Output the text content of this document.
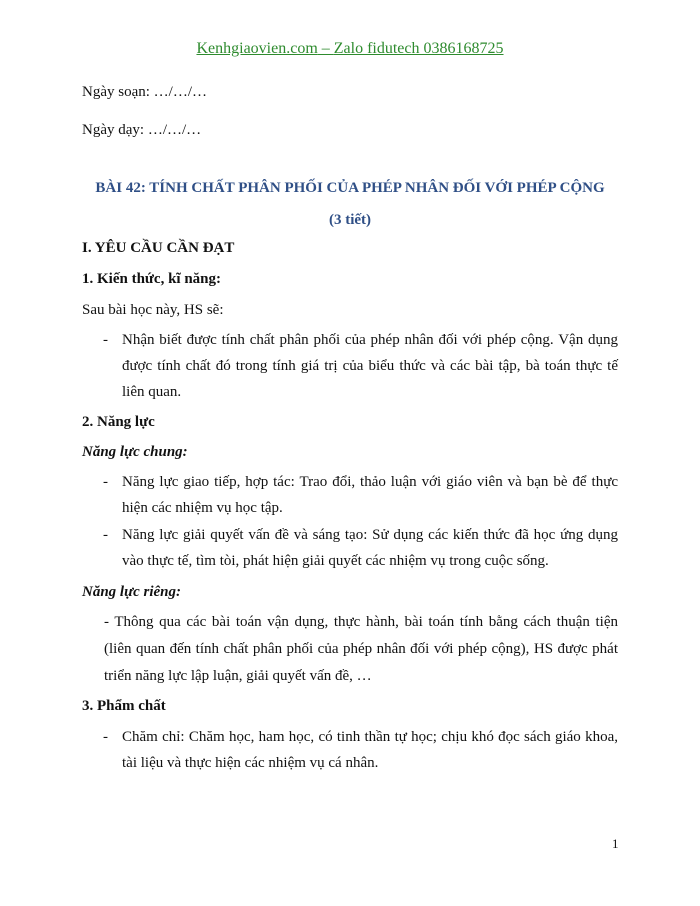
Kenhgiaovien.com – Zalo fidutech 0386168725
Ngày soạn: …/…/…
Ngày dạy: …/…/…
BÀI 42: TÍNH CHẤT PHÂN PHỐI CỦA PHÉP NHÂN ĐỐI VỚI PHÉP CỘNG
(3 tiết)
I. YÊU CẦU CẦN ĐẠT
1. Kiến thức, kĩ năng:
Sau bài học này, HS sẽ:
- Nhận biết được tính chất phân phối của phép nhân đối với phép cộng. Vận dụng
được tính chất đó trong tính giá trị của biểu thức và các bài tập, bà toán thực tế
liên quan.
2. Năng lực
Năng lực chung:
- Năng lực giao tiếp, hợp tác: Trao đổi, thảo luận với giáo viên và bạn bè để thực
hiện các nhiệm vụ học tập.
- Năng lực giải quyết vấn đề và sáng tạo: Sử dụng các kiến thức đã học ứng dụng
vào thực tế, tìm tòi, phát hiện giải quyết các nhiệm vụ trong cuộc sống.
Năng lực riêng:
- Thông qua các bài toán vận dụng, thực hành, bài toán tính bằng cách thuận tiện
(liên quan đến tính chất phân phối của phép nhân đối với phép cộng), HS được phát
triển năng lực lập luận, giải quyết vấn đề, …
3. Phẩm chất
- Chăm chỉ: Chăm học, ham học, có tinh thần tự học; chịu khó đọc sách giáo khoa,
tài liệu và thực hiện các nhiệm vụ cá nhân.
1
